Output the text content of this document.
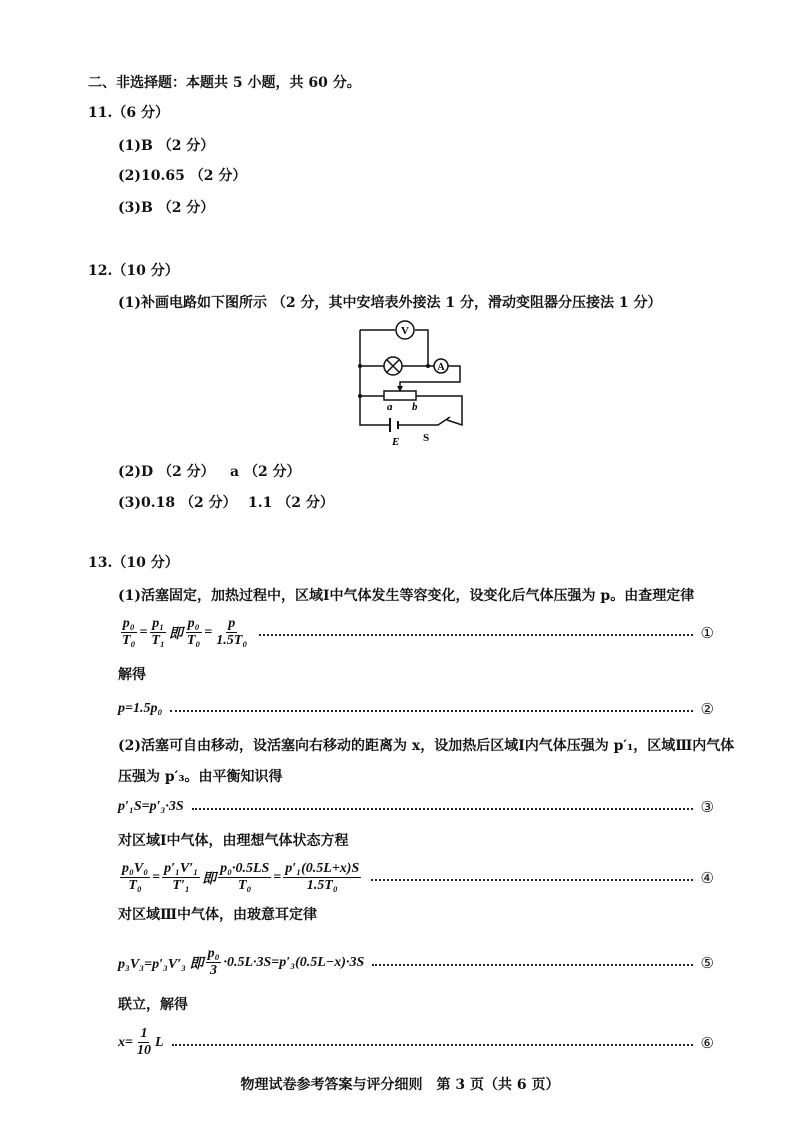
二、非选择题：本题共 5 小题，共 60 分。
11.（6 分）
(1)B （2 分）
(2)10.65 （2 分）
(3)B （2 分）
12.（10 分）
(1)补画电路如下图所示 （2 分，其中安培表外接法 1 分，滑动变阻器分压接法 1 分）
V
A
a b
E S
(2)D （2 分） a （2 分）
(3)0.18 （2 分） 1.1 （2 分）
13.（10 分）
(1)活塞固定，加热过程中，区域Ⅰ中气体发生等容变化，设变化后气体压强为 p。由查理定律
$\frac{\text{p₀}}{\text{T₀}} = \frac{\text{p₁}}{\text{T₁}}$ 即 $\frac{\text{p₀}}{\text{T₀}} = \frac{p}{\text{1.5T₀}}$	①
解得
p=1.5p₀	②
(2)活塞可自由移动，设活塞向右移动的距离为 x，设加热后区域Ⅰ内气体压强为 p′₁，区域Ⅲ内气体
压强为 p′₃。由平衡知识得
p′₁S=p′₃·3S	③
对区域Ⅰ中气体，由理想气体状态方程
$\frac{\text{p₀V₀}}{\text{T₀}} = \frac{\text{p′₁V′₁}}{\text{T′₁}}$ 即 $\frac{\text{p₀·0.5LS}}{\text{T₀}} = \frac{\text{p′₁(0.5L+x)S}}{\text{1.5T₀}}$	④
对区域Ⅲ中气体，由玻意耳定律
p₃V₃=p′₃V′₃ 即 $\frac{\text{p₀}}{3} \cdot 0.5L\cdot 3S=p'_3(0.5L-x)\cdot 3S$	⑤
联立，解得
$x= \frac{1}{10}$ L	⑥
物理试卷参考答案与评分细则　第 3 页（共 6 页）
